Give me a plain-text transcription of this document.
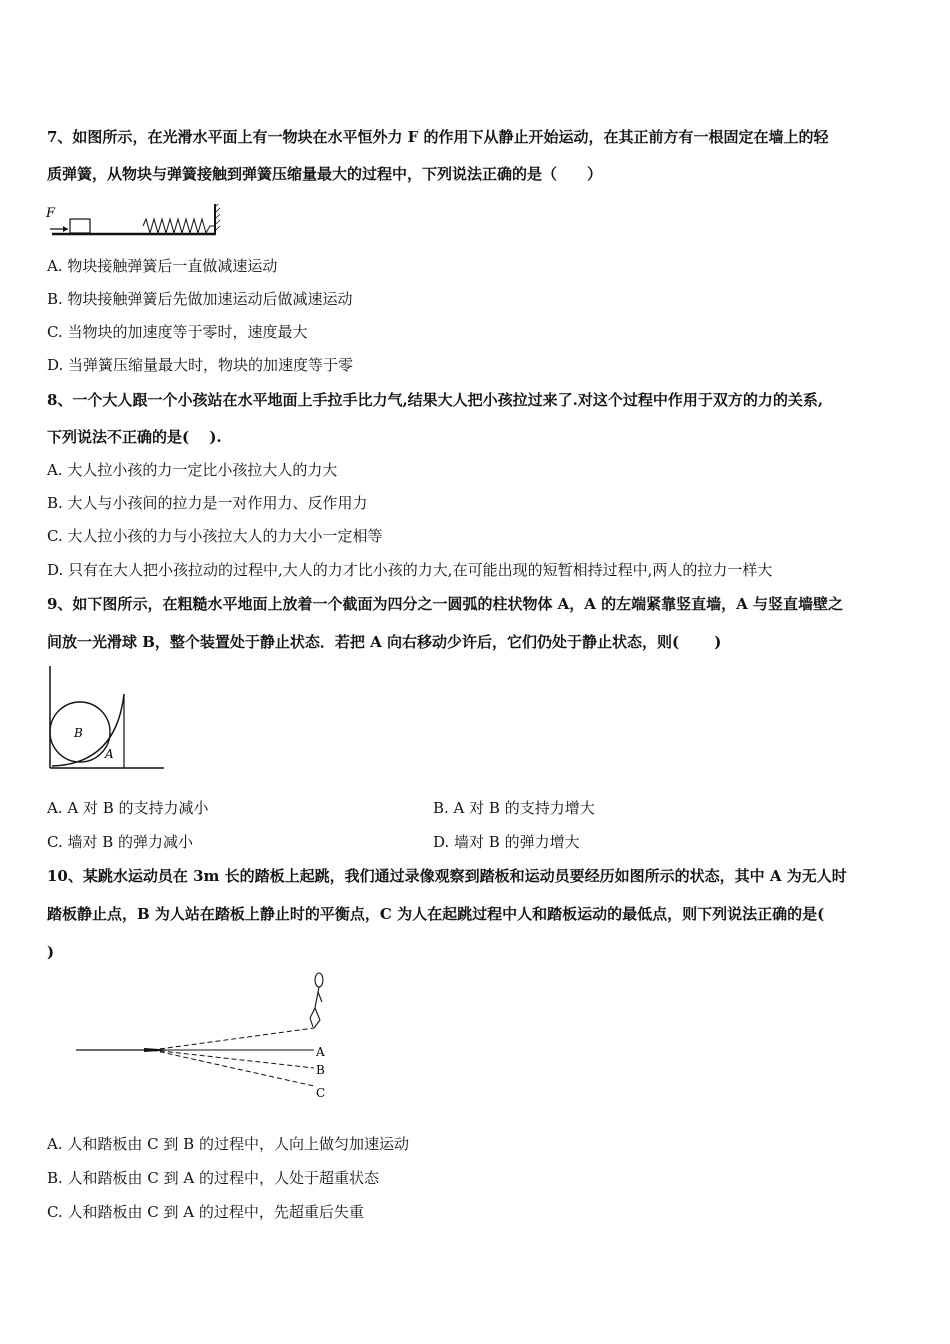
7、如图所示，在光滑水平面上有一物块在水平恒外力 F 的作用下从静止开始运动，在其正前方有一根固定在墙上的轻
质弹簧，从物块与弹簧接触到弹簧压缩量最大的过程中，下列说法正确的是（　　）
F
A. 物块接触弹簧后一直做减速运动
B. 物块接触弹簧后先做加速运动后做减速运动
C. 当物块的加速度等于零时，速度最大
D. 当弹簧压缩量最大时，物块的加速度等于零
8、一个大人跟一个小孩站在水平地面上手拉手比力气,结果大人把小孩拉过来了.对这个过程中作用于双方的力的关系,
下列说法不正确的是(　 ).
A. 大人拉小孩的力一定比小孩拉大人的力大
B. 大人与小孩间的拉力是一对作用力、反作用力
C. 大人拉小孩的力与小孩拉大人的力大小一定相等
D. 只有在大人把小孩拉动的过程中,大人的力才比小孩的力大,在可能出现的短暂相持过程中,两人的拉力一样大
9、如下图所示，在粗糙水平地面上放着一个截面为四分之一圆弧的柱状物体 A，A 的左端紧靠竖直墙，A 与竖直墙壁之
间放一光滑球 B，整个装置处于静止状态．若把 A 向右移动少许后，它们仍处于静止状态，则(　　 )
B
A
A. A 对 B 的支持力减小	B. A 对 B 的支持力增大
C. 墙对 B 的弹力减小	D. 墙对 B 的弹力增大
10、某跳水运动员在 3m 长的踏板上起跳，我们通过录像观察到踏板和运动员要经历如图所示的状态，其中 A 为无人时
踏板静止点，B 为人站在踏板上静止时的平衡点，C 为人在起跳过程中人和踏板运动的最低点，则下列说法正确的是(
)
A
B
C
A. 人和踏板由 C 到 B 的过程中，人向上做匀加速运动
B. 人和踏板由 C 到 A 的过程中，人处于超重状态
C. 人和踏板由 C 到 A 的过程中，先超重后失重
